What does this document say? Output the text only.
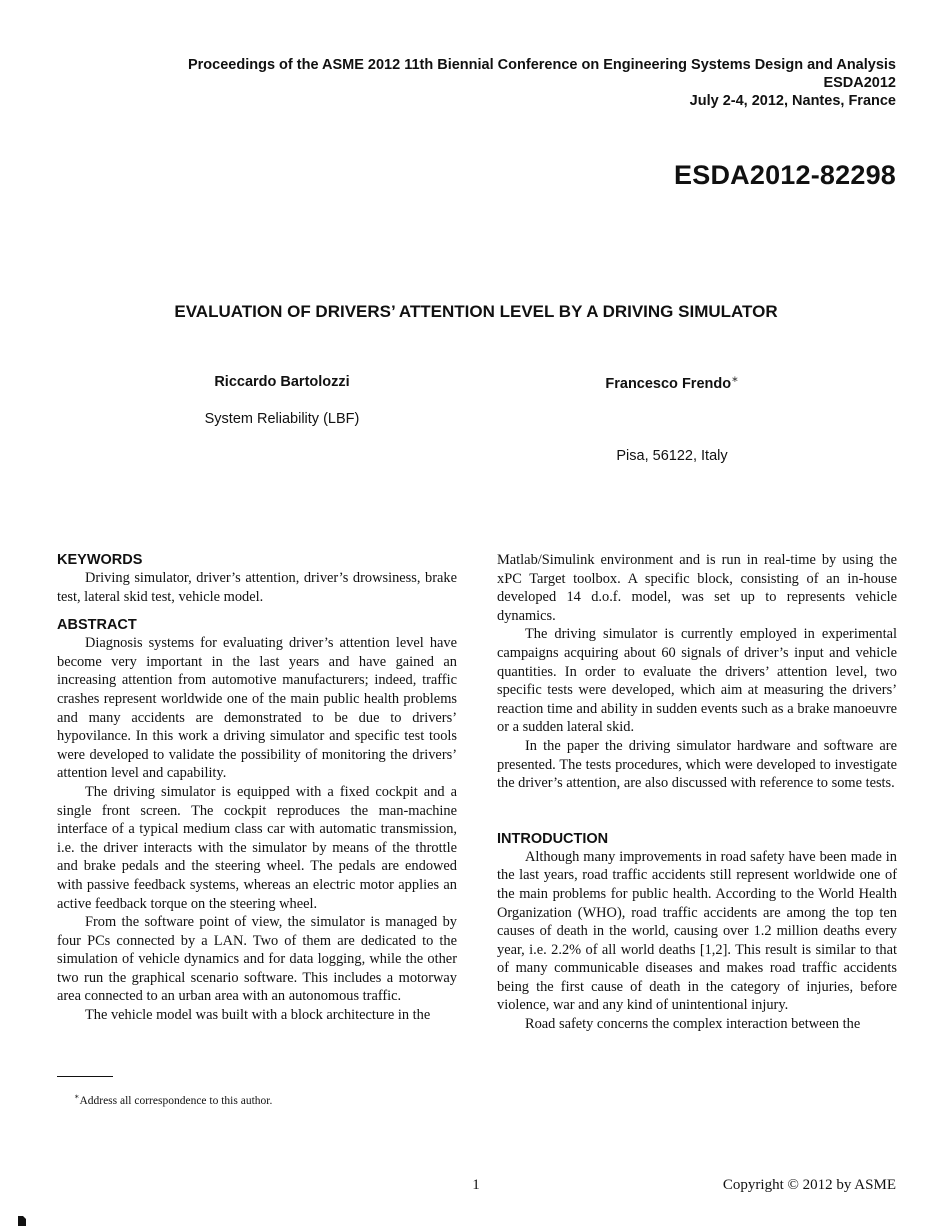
Proceedings of the ASME 2012 11th Biennial Conference on Engineering Systems Design and Analysis
ESDA2012
July 2-4, 2012, Nantes, France
ESDA2012-82298
EVALUATION OF DRIVERS’ ATTENTION LEVEL BY A DRIVING SIMULATOR
Riccardo Bartolozzi	Francesco Frendo∗
System Reliability (LBF)
Pisa, 56122, Italy
KEYWORDS

Driving simulator, driver’s attention, driver’s drowsiness, brake test, lateral skid test, vehicle model.

ABSTRACT

Diagnosis systems for evaluating driver’s attention level have become very important in the last years and have gained an increasing attention from automotive manufacturers; indeed, traffic crashes represent worldwide one of the main public health problems and many accidents are demonstrated to be due to drivers’ hypovilance. In this work a driving simulator and specific test tools were developed to validate the possibility of monitoring the drivers’ attention level and capability.

The driving simulator is equipped with a fixed cockpit and a single front screen. The cockpit reproduces the man-machine interface of a typical medium class car with automatic transmission, i.e. the driver interacts with the simulator by means of the throttle and brake pedals and the steering wheel. The pedals are endowed with passive feedback systems, whereas an electric motor applies an active feedback torque on the steering wheel.

From the software point of view, the simulator is managed by four PCs connected by a LAN. Two of them are dedicated to the simulation of vehicle dynamics and for data logging, while the other two run the graphical scenario software. This includes a motorway area connected to an urban area with an autonomous traffic.

The vehicle model was built with a block architecture in the

Matlab/Simulink environment and is run in real-time by using the xPC Target toolbox. A specific block, consisting of an in-house developed 14 d.o.f. model, was set up to represents vehicle dynamics.

The driving simulator is currently employed in experimental campaigns acquiring about 60 signals of driver’s input and vehicle quantities. In order to evaluate the drivers’ attention level, two specific tests were developed, which aim at measuring the drivers’ reaction time and ability in sudden events such as a brake manoeuvre or a sudden lateral skid.

In the paper the driving simulator hardware and software are presented. The tests procedures, which were developed to investigate the driver’s attention, are also discussed with reference to some tests.

INTRODUCTION

Although many improvements in road safety have been made in the last years, road traffic accidents still represent worldwide one of the main problems for public health. According to the World Health Organization (WHO), road traffic accidents are among the top ten causes of death in the world, causing over 1.2 million deaths every year, i.e. 2.2% of all world deaths [1,2]. This result is similar to that of many communicable diseases and makes road traffic accidents being the first cause of death in the category of injuries, before violence, war and any kind of unintentional injury.

Road safety concerns the complex interaction between the

∗Address all correspondence to this author.
1	Copyright © 2012 by ASME
